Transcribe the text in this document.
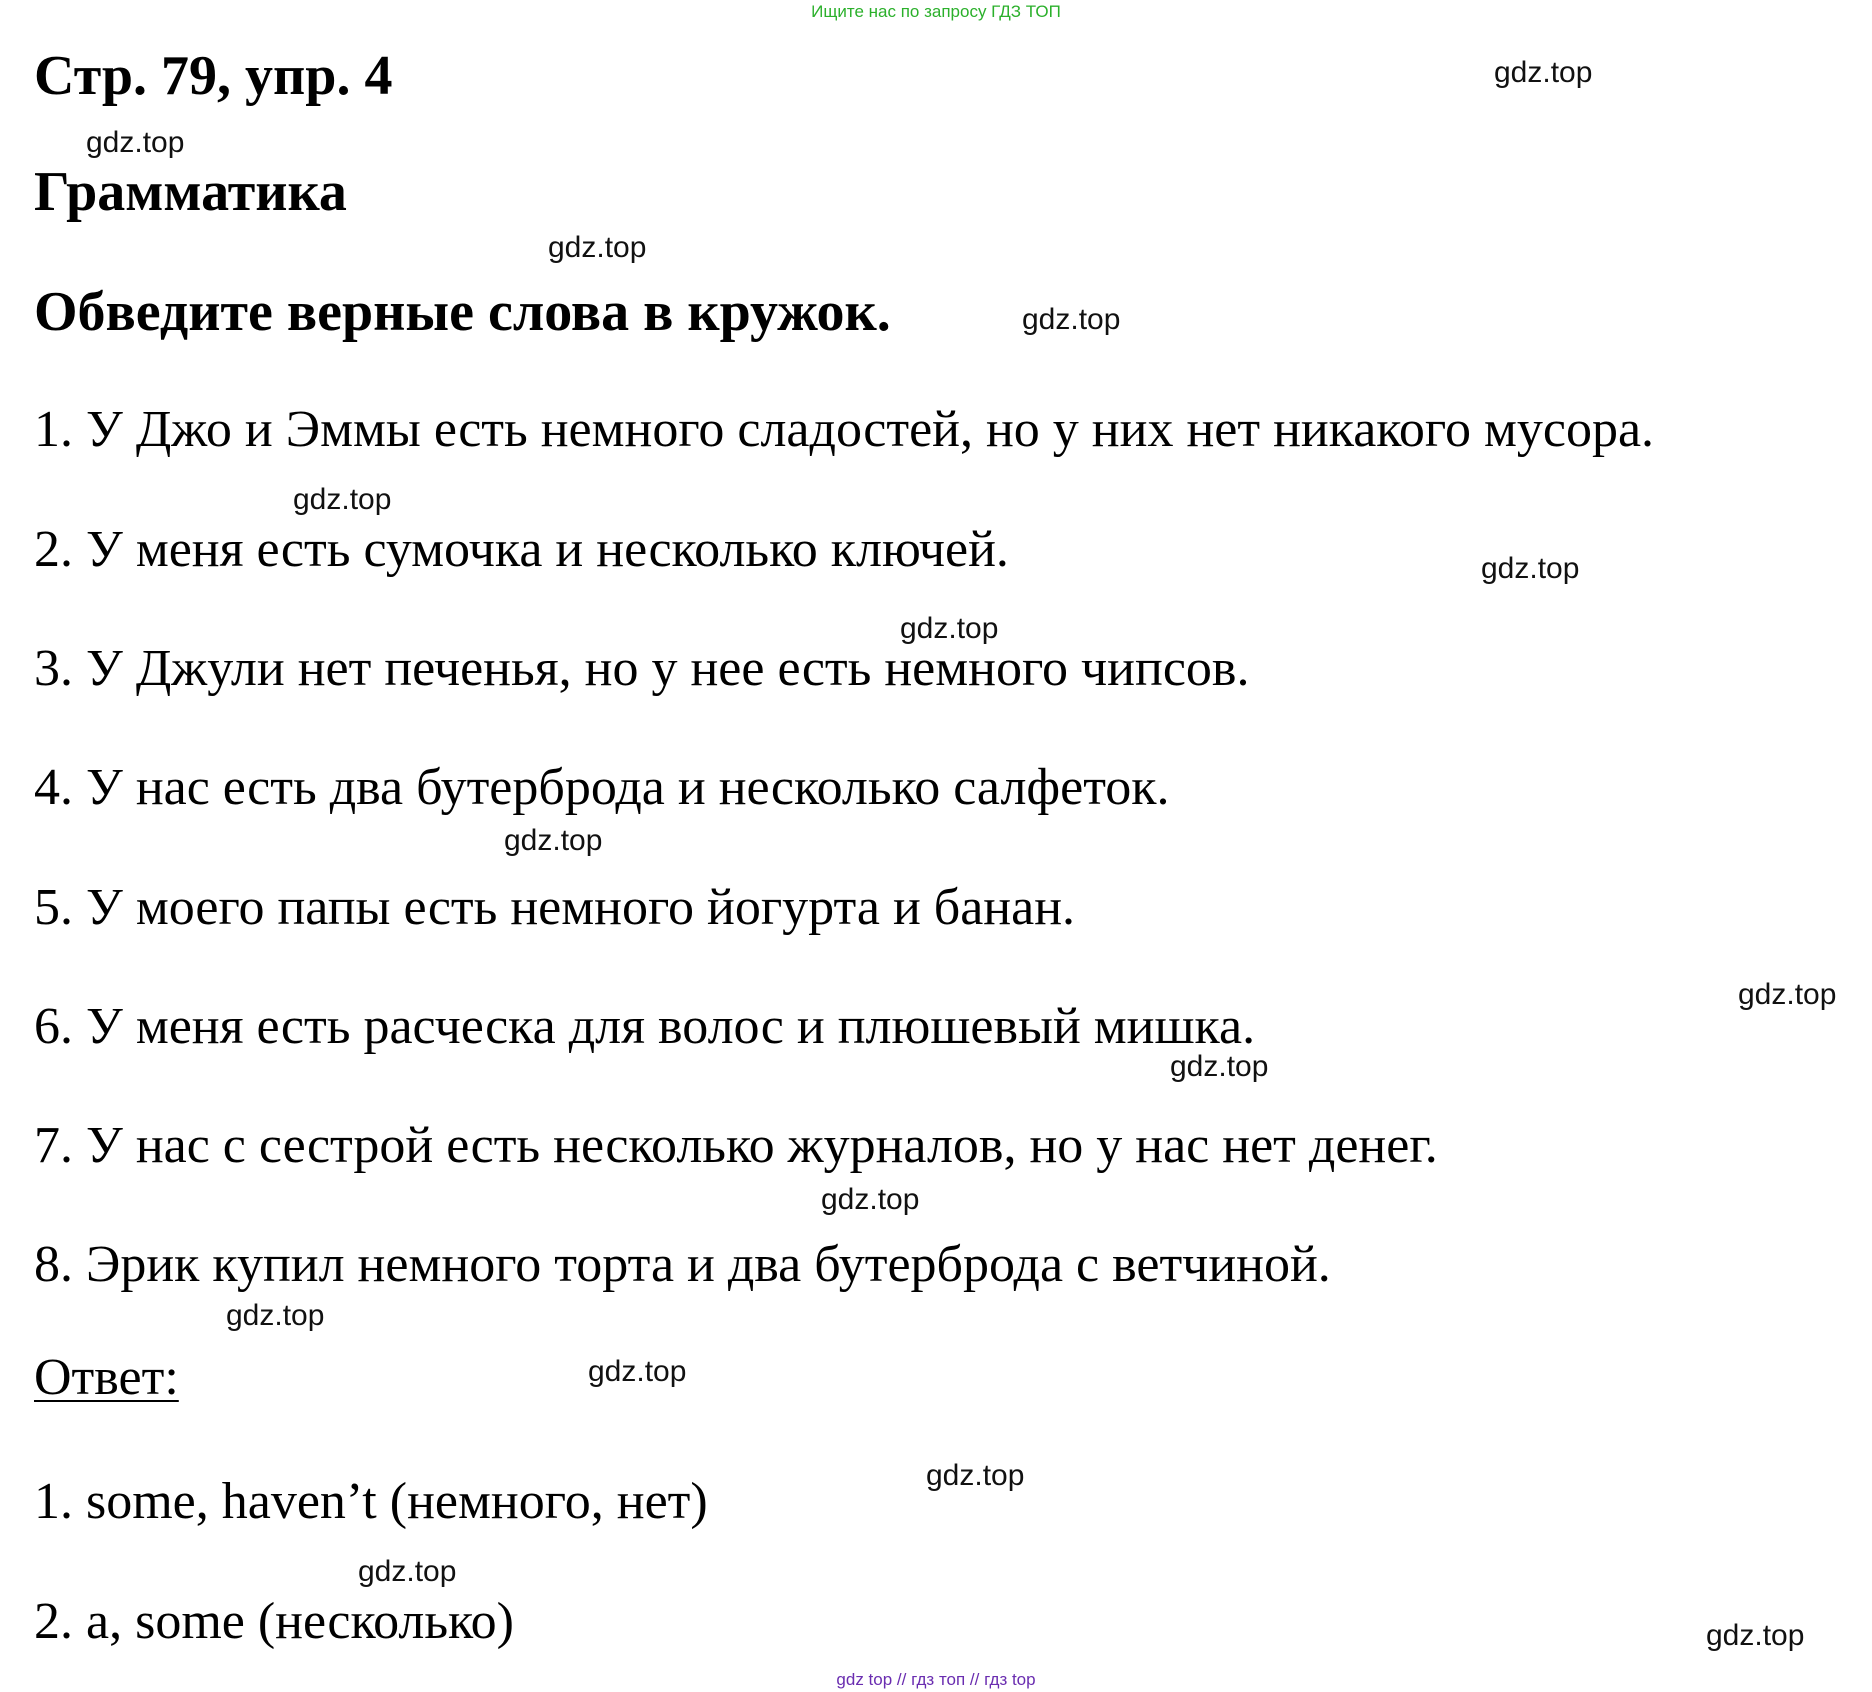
Ищите нас по запросу ГДЗ ТОП
Стр. 79, упр. 4
Грамматика
Обведите верные слова в кружок.
1. У Джо и Эммы есть немного сладостей, но у них нет никакого мусора.
2. У меня есть сумочка и несколько ключей.
3. У Джули нет печенья, но у нее есть немного чипсов.
4. У нас есть два бутерброда и несколько салфеток.
5. У моего папы есть немного йогурта и банан.
6. У меня есть расческа для волос и плюшевый мишка.
7. У нас с сестрой есть несколько журналов, но у нас нет денег.
8. Эрик купил немного торта и два бутерброда с ветчиной.
Ответ:
1. some, haven’t (немного, нет)
2. a, some (несколько)
gdz.top
gdz.top
gdz.top
gdz.top
gdz.top
gdz.top
gdz.top
gdz.top
gdz.top
gdz.top
gdz.top
gdz.top
gdz.top
gdz.top
gdz.top
gdz.top
gdz top // гдз топ // гдз top
